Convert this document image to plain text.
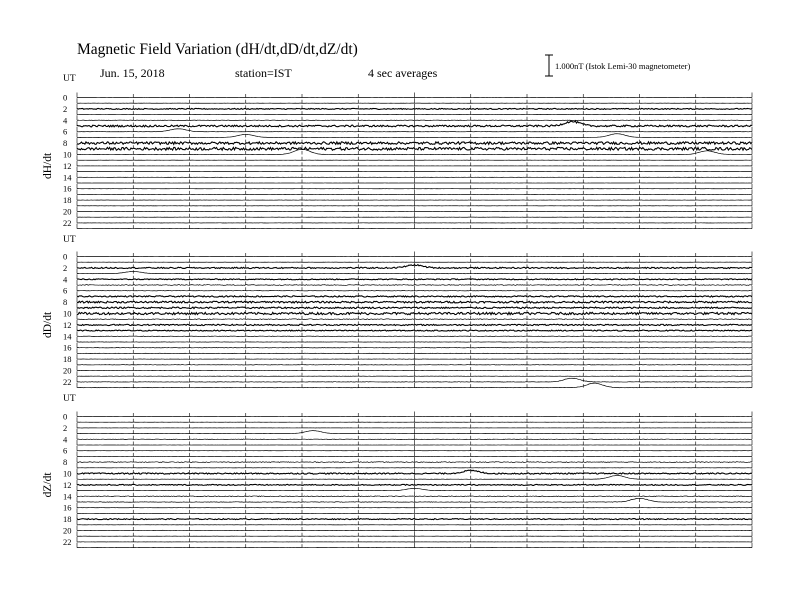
Magnetic Field Variation (dH/dt,dD/dt,dZ/dt)
Jun. 15, 2018	station=IST	4 sec averages	1.000nT (Istok Lemi-30 magnetometer)
UT
dH/dt
0
2
4
6
8
10
12
14
16
18
20
22
UT
dD/dt
0
2
4
6
8
10
12
14
16
18
20
22
UT
dZ/dt
0
2
4
6
8
10
12
14
16
18
20
22
